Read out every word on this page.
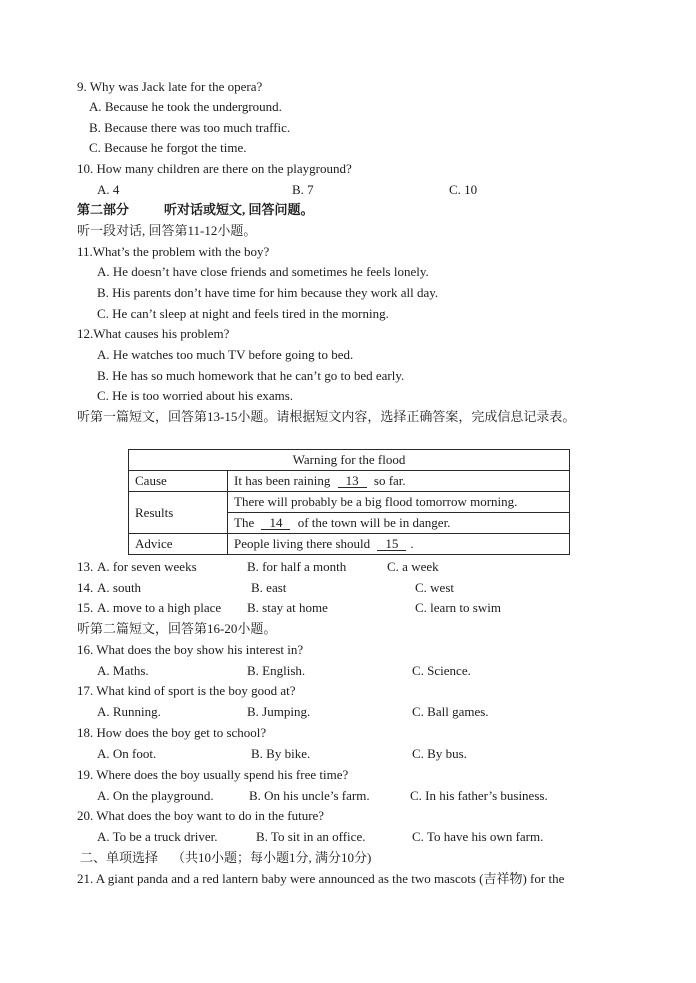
9. Why was Jack late for the opera?
A. Because he took the underground.
B. Because there was too much traffic.
C. Because he forgot the time.
10. How many children are there on the playground?
A. 4	B. 7	C. 10
第二部分	听对话或短文, 回答问题。
听一段对话, 回答第11-12小题。
11.What’s the problem with the boy?
A. He doesn’t have close friends and sometimes he feels lonely.
B. His parents don’t have time for him because they work all day.
C. He can’t sleep at night and feels tired in the morning.
12.What causes his problem?
A. He watches too much TV before going to bed.
B. He has so much homework that he can’t go to bed early.
C. He is too worried about his exams.
听第一篇短文，回答第13-15小题。请根据短文内容，选择正确答案，完成信息记录表。
Warning for the flood	
Cause	It has been raining 13 so far.
Results	There will probably be a big flood tomorrow morning.
	The 14 of the town will be in danger.
Advice	People living there should 15 .
13. A. for seven weeks	B. for half a month	C. a week
14. A. south	B. east	C. west
15. A. move to a high place B. stay at home	C. learn to swim
听第二篇短文，回答第16-20小题。
16. What does the boy show his interest in?
A. Maths.	B. English.	C. Science.
17. What kind of sport is the boy good at?
A. Running.	B. Jumping.	C. Ball games.
18. How does the boy get to school?
A. On foot.	B. By bike.	C. By bus.
19. Where does the boy usually spend his free time?
A. On the playground.	B. On his uncle’s farm.	C. In his father’s business.
20. What does the boy want to do in the future?
A. To be a truck driver.	B. To sit in an office.	C. To have his own farm.
二、单项选择 （共10小题；每小题1分, 满分10分)
21. A giant panda and a red lantern baby were announced as the two mascots (吉祥物) for the
